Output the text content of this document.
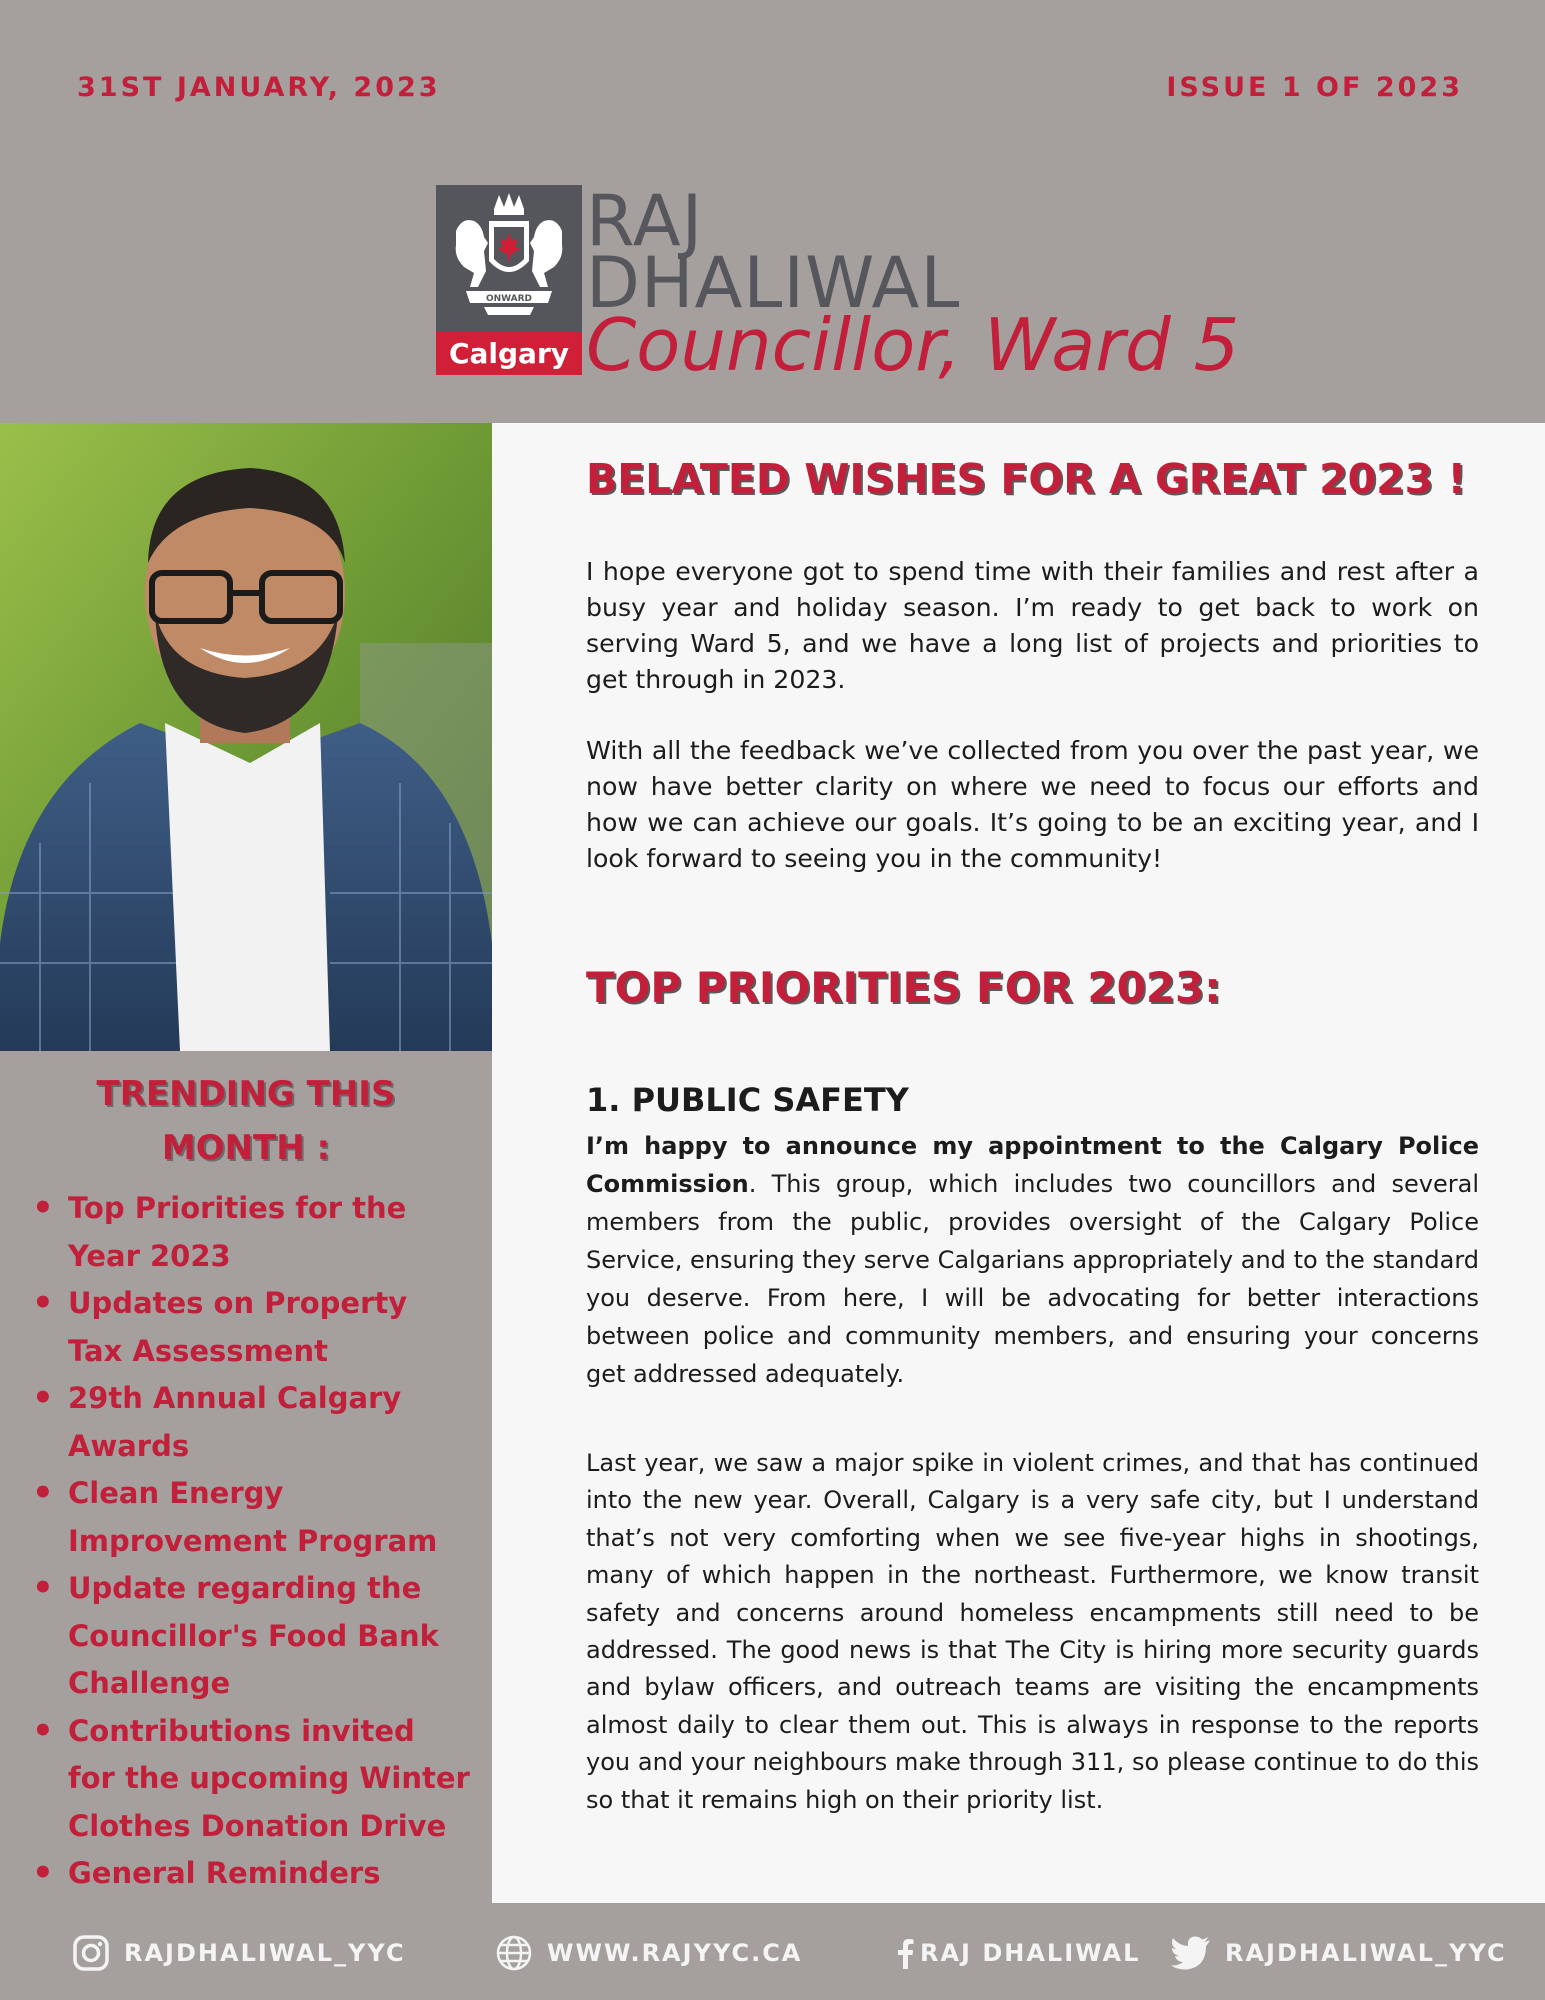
31ST JANUARY, 2023	ISSUE 1 OF 2023
ONWARD
Calgary
RAJ
DHALIWAL
Councillor, Ward 5
BELATED WISHES FOR A GREAT 2023 !

I hope everyone got to spend time with their families and rest after a busy year and holiday season. I’m ready to get back to work on serving Ward 5, and we have a long list of projects and priorities to get through in 2023.

With all the feedback we’ve collected from you over the past year, we now have better clarity on where we need to focus our efforts and how we can achieve our goals. It’s going to be an exciting year, and I look forward to seeing you in the community!

TOP PRIORITIES FOR 2023:
1. PUBLIC SAFETY

I’m happy to announce my appointment to the Calgary Police Commission. This group, which includes two councillors and several members from the public, provides oversight of the Calgary Police Service, ensuring they serve Calgarians appropriately and to the standard you deserve. From here, I will be advocating for better interactions between police and community members, and ensuring your concerns get addressed adequately.

Last year, we saw a major spike in violent crimes, and that has continued into the new year. Overall, Calgary is a very safe city, but I understand that’s not very comforting when we see five-year highs in shootings, many of which happen in the northeast. Furthermore, we know transit safety and concerns around homeless encampments still need to be addressed. The good news is that The City is hiring more security guards and bylaw officers, and outreach teams are visiting the encampments almost daily to clear them out. This is always in response to the reports you and your neighbours make through 311, so please continue to do this so that it remains high on their priority list.

TRENDING THIS MONTH :
• Top Priorities for the Year 2023
• Updates on Property Tax Assessment
• 29th Annual Calgary Awards
• Clean Energy Improvement Program
• Update regarding the Councillor's Food Bank Challenge
• Contributions invited for the upcoming Winter Clothes Donation Drive
• General Reminders
RAJDHALIWAL_YYC	WWW.RAJYYC.CA	RAJ DHALIWAL	RAJDHALIWAL_YYC
